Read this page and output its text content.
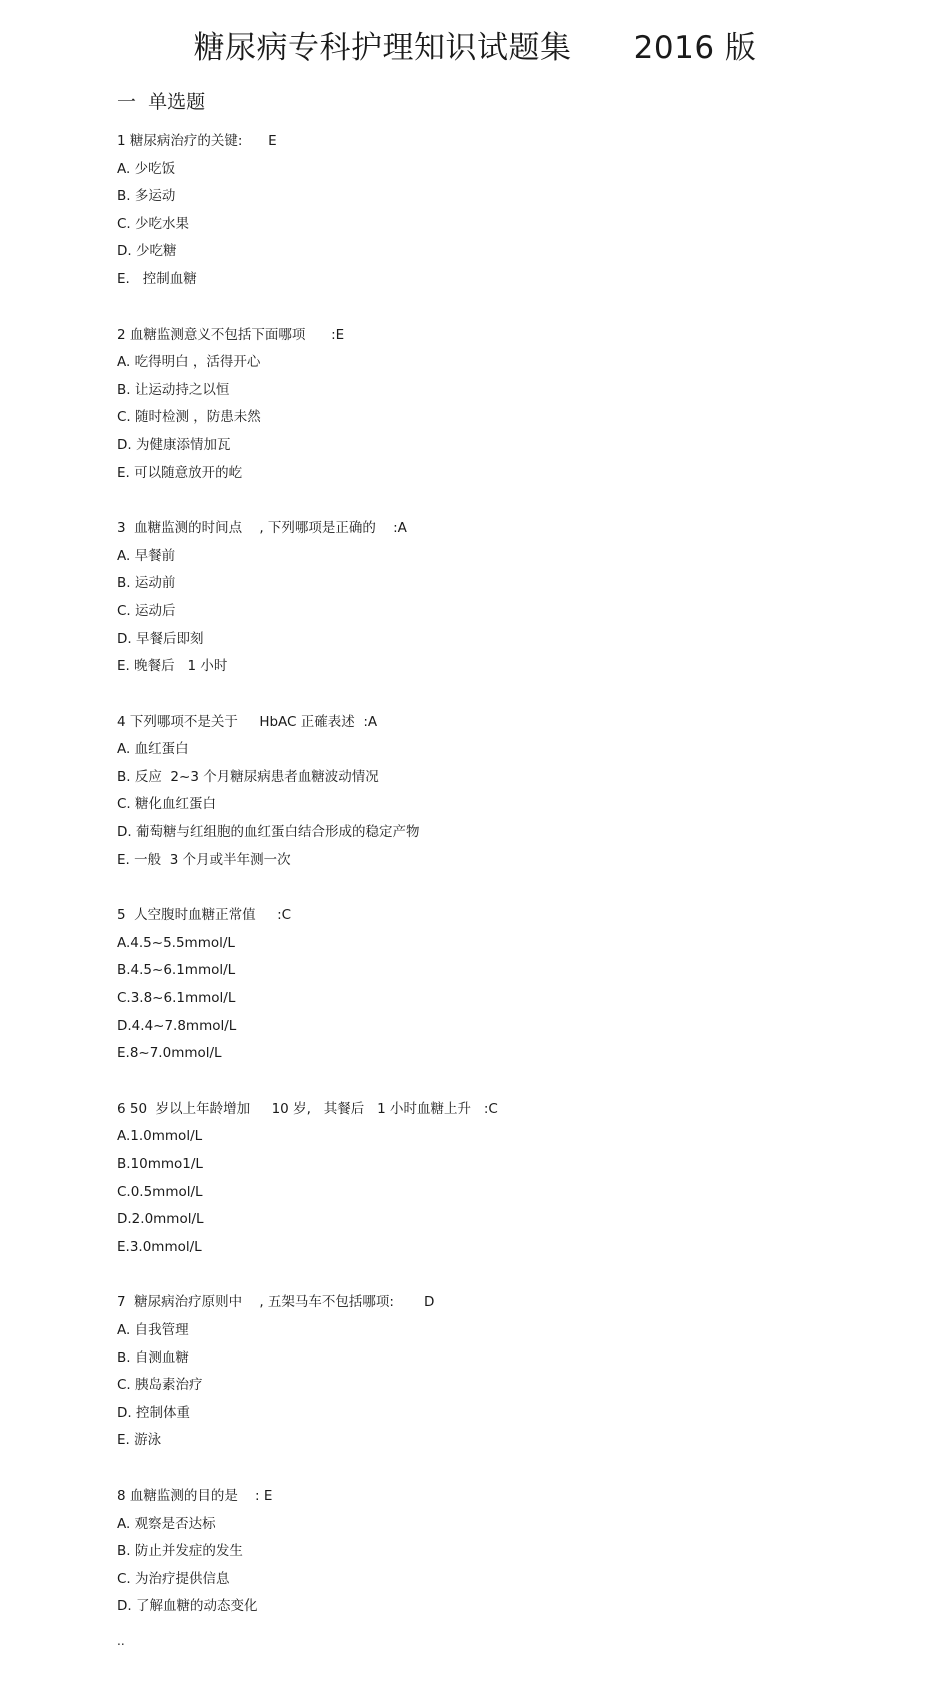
糖尿病专科护理知识试题集      2016 版
一  单选题
1 糖尿病治疗的关键:      E
A. 少吃饭
B. 多运动
C. 少吃水果
D. 少吃糖
E.   控制血糖
2 血糖监测意义不包括下面哪项      :E
A. 吃得明白 ，活得开心
B. 让运动持之以恒
C. 随时检测 ，防患未然
D. 为健康添情加瓦
E. 可以随意放开的屹
3  血糖监测的时间点    , 下列哪项是正确的    :A
A. 早餐前
B. 运动前
C. 运动后
D. 早餐后即刻
E. 晚餐后   1 小时
4 下列哪项不是关于     HbAC 正確表述  :A
A. 血红蛋白
B. 反应  2~3 个月糖尿病患者血糖波动情况
C. 糖化血红蛋白
D. 葡萄糖与红组胞的血红蛋白结合形成的稳定产物
E. 一般  3 个月或半年测一次
5  人空腹时血糖正常值     :C
A.4.5~5.5mmol/L
B.4.5~6.1mmol/L
C.3.8~6.1mmol/L
D.4.4~7.8mmol/L
E.8~7.0mmol/L
6 50  岁以上年龄增加     10 岁,   其餐后   1 小时血糖上升   :C
A.1.0mmol/L
B.10mmo1/L
C.0.5mmol/L
D.2.0mmol/L
E.3.0mmol/L
7  糖尿病治疗原则中    , 五架马车不包括哪项:       D
A. 自我管理
B. 自测血糖
C. 胰岛素治疗
D. 控制体重
E. 游泳
8 血糖监测的目的是    : E
A. 观察是否达标
B. 防止并发症的发生
C. 为治疗提供信息
D. 了解血糖的动态变化
..
